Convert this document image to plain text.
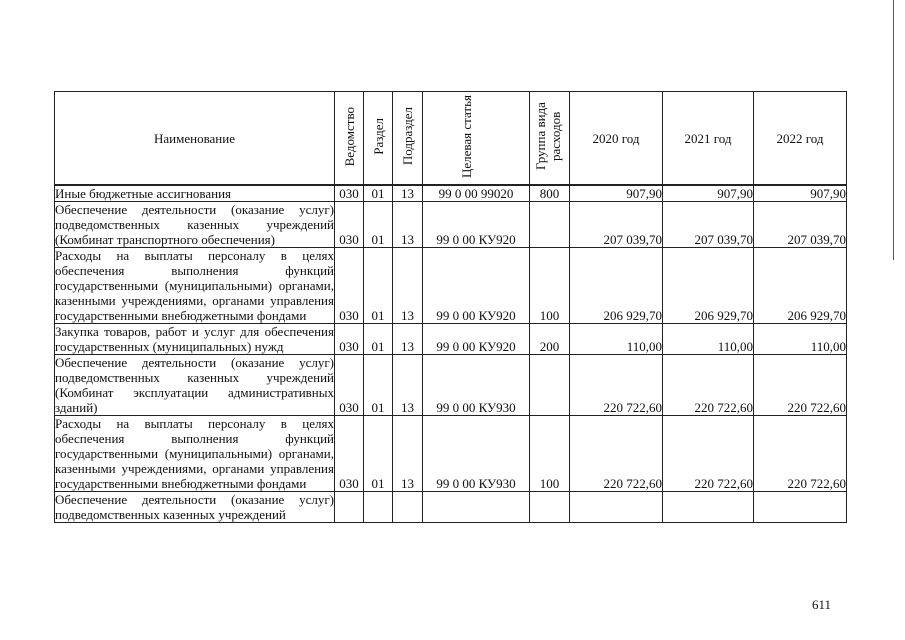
Наименование	Ведомство	Раздел	Подраздел	Целевая статья	Группа вида расходов	2020 год	2021 год	2022 год
Иные бюджетные ассигнования	030	01	13	99 0 00 99020	800	907,90	907,90	907,90
Обеспечение деятельности (оказание услуг) подведомственных казенных учреждений (Комбинат транспортного обеспечения)	030	01	13	99 0 00 КУ920		207 039,70	207 039,70	207 039,70
Расходы на выплаты персоналу в целях обеспечения выполнения функций государственными (муниципальными) органами, казенными учреждениями, органами управления государственными внебюджетными фондами	030	01	13	99 0 00 КУ920	100	206 929,70	206 929,70	206 929,70
Закупка товаров, работ и услуг для обеспечения государственных (муниципальных) нужд	030	01	13	99 0 00 КУ920	200	110,00	110,00	110,00
Обеспечение деятельности (оказание услуг) подведомственных казенных учреждений (Комбинат эксплуатации административных зданий)	030	01	13	99 0 00 КУ930		220 722,60	220 722,60	220 722,60
Расходы на выплаты персоналу в целях обеспечения выполнения функций государственными (муниципальными) органами, казенными учреждениями, органами управления государственными внебюджетными фондами	030	01	13	99 0 00 КУ930	100	220 722,60	220 722,60	220 722,60
Обеспечение деятельности (оказание услуг) подведомственных казенных учреждений								
611
